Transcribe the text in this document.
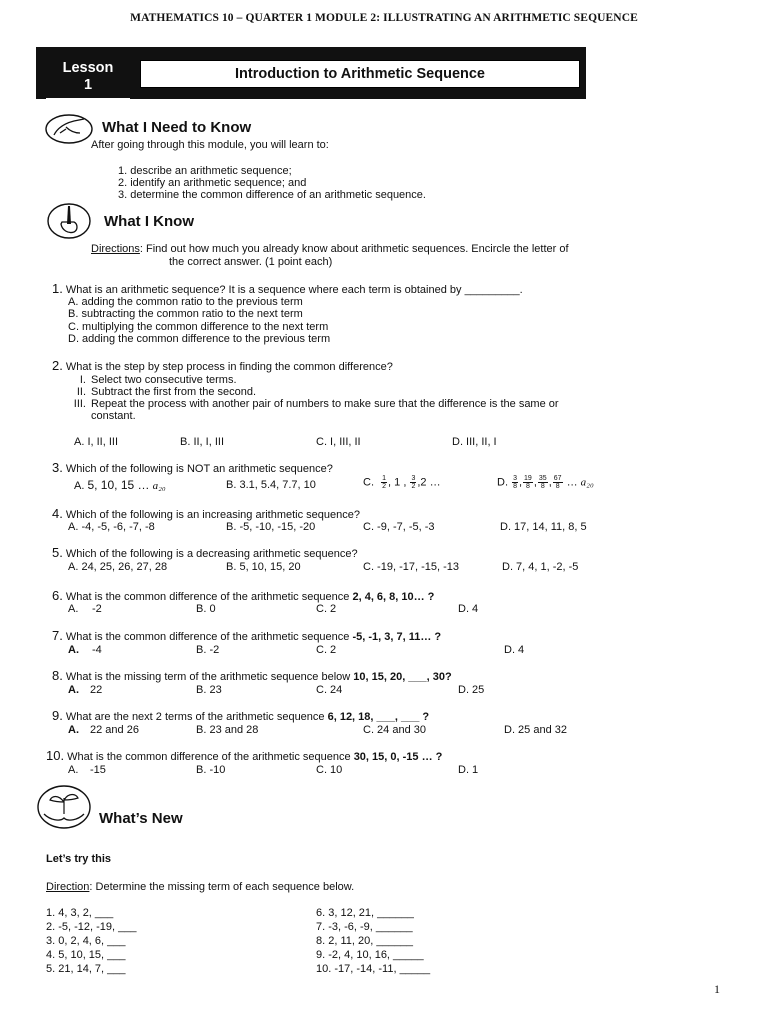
MATHEMATICS 10 – QUARTER 1 MODULE 2: ILLUSTRATING AN ARITHMETIC SEQUENCE
Lesson
1
Introduction to Arithmetic Sequence
What I Need to Know
After going through this module, you will learn to:
1. describe an arithmetic sequence;
2. identify an arithmetic sequence; and
3. determine the common difference of an arithmetic sequence.
What I Know
Directions: Find out how much you already know about arithmetic sequences. Encircle the letter of
the correct answer. (1 point each)
1. What is an arithmetic sequence? It is a sequence where each term is obtained by _________.
A. adding the common ratio to the previous term
B. subtracting the common ratio to the next term
C. multiplying the common difference to the next term
D. adding the common difference to the previous term
2. What is the step by step process in finding the common difference?
I. Select two consecutive terms.
II. Subtract the first from the second.
III. Repeat the process with another pair of numbers to make sure that the difference is the same or
constant.
A. I, II, III	B. II, I, III	C. I, III, II	D. III, II, I
3. Which of the following is NOT an arithmetic sequence?
A. 5, 10, 15 … a₂₀	B. 3.1, 5.4, 7.7, 10	C. $\frac{1}{2}$ , 1 , $\frac{3}{2} ,2$ …	D. $\frac{3}{8}$ , $\frac{19}{8}$ , $\frac{35}{8}$ , $\frac{67}{8}$ … a₂₀
4. Which of the following is an increasing arithmetic sequence?
A. -4, -5, -6, -7, -8	B. -5, -10, -15, -20	C. -9, -7, -5, -3	D. 17, 14, 11, 8, 5
5. Which of the following is a decreasing arithmetic sequence?
A. 24, 25, 26, 27, 28	B. 5, 10, 15, 20	C. -19, -17, -15, -13	D. 7, 4, 1, -2, -5
6. What is the common difference of the arithmetic sequence 2, 4, 6, 8, 10… ?
A. -2	B. 0	C. 2	D. 4
7. What is the common difference of the arithmetic sequence -5, -1, 3, 7, 11… ?
A. -4	B. -2	C. 2	D. 4
8. What is the missing term of the arithmetic sequence below 10, 15, 20, ___, 30?
A. 22	B. 23	C. 24	D. 25
9. What are the next 2 terms of the arithmetic sequence 6, 12, 18, ___, ___ ?
A. 22 and 26	B. 23 and 28	C. 24 and 30	D. 25 and 32
10. What is the common difference of the arithmetic sequence 30, 15, 0, -15 … ?
A. -15	B. -10	C. 10	D. 1
What’s New
Let’s try this
Direction: Determine the missing term of each sequence below.
1. 4, 3, 2, ___
2. -5, -12, -19, ___
3. 0, 2, 4, 6, ___
4. 5, 10, 15, ___
5. 21, 14, 7, ___
6. 3, 12, 21, ______
7. -3, -6, -9, ______
8. 2, 11, 20, ______
9. -2, 4, 10, 16, _____
10. -17, -14, -11, _____
1
